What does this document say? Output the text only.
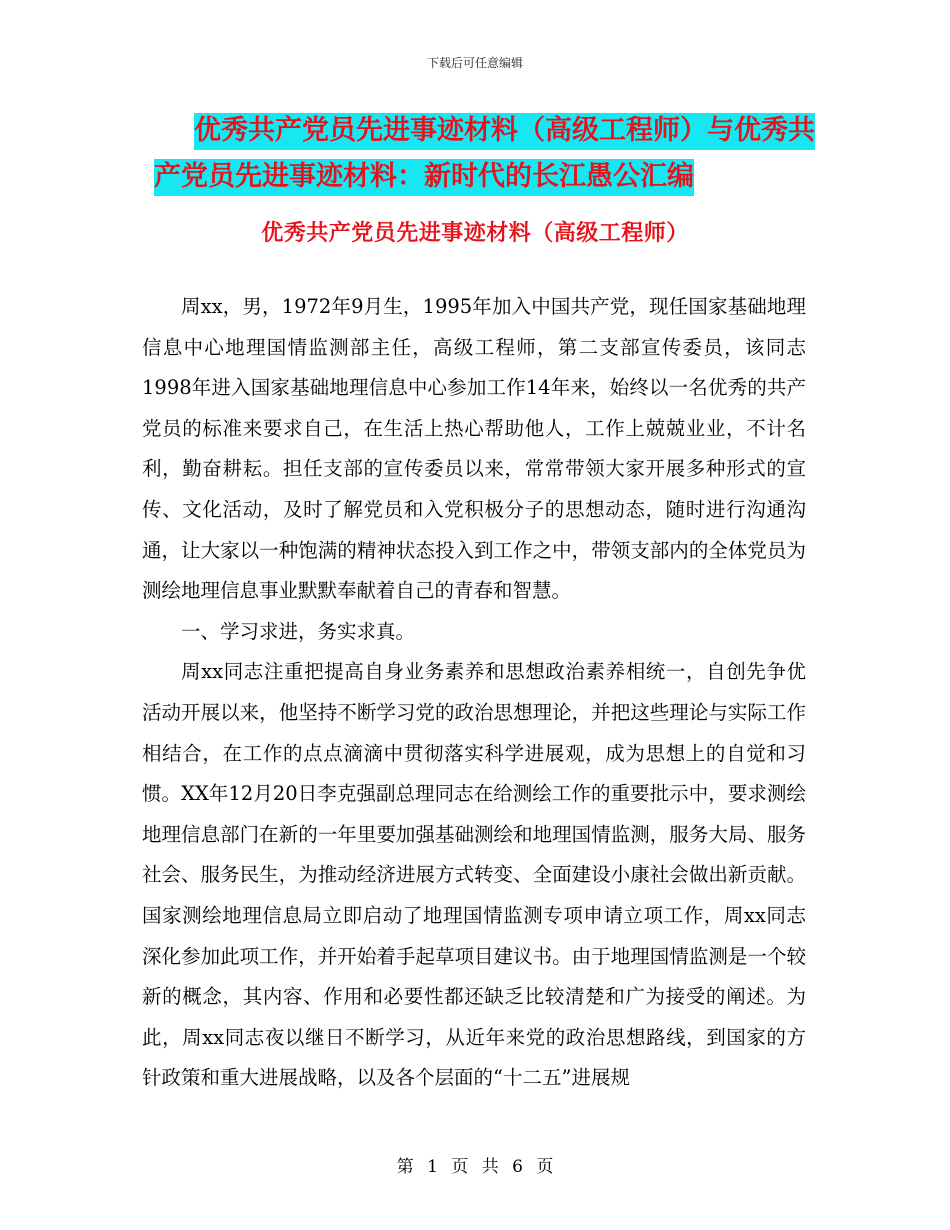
下载后可任意编辑
优秀共产党员先进事迹材料（高级工程师）与优秀共
产党员先进事迹材料：新时代的长江愚公汇编
优秀共产党员先进事迹材料（高级工程师）

周xx，男，1972年9月生，1995年加入中国共产党，现任国家基础地理信息中心地理国情监测部主任，高级工程师，第二支部宣传委员，该同志1998年进入国家基础地理信息中心参加工作14年来，始终以一名优秀的共产党员的标准来要求自己，在生活上热心帮助他人，工作上兢兢业业，不计名利，勤奋耕耘。担任支部的宣传委员以来，常常带领大家开展多种形式的宣传、文化活动，及时了解党员和入党积极分子的思想动态，随时进行沟通沟通，让大家以一种饱满的精神状态投入到工作之中，带领支部内的全体党员为测绘地理信息事业默默奉献着自己的青春和智慧。

一、学习求进，务实求真。

周xx同志注重把提高自身业务素养和思想政治素养相统一，自创先争优活动开展以来，他坚持不断学习党的政治思想理论，并把这些理论与实际工作相结合，在工作的点点滴滴中贯彻落实科学进展观，成为思想上的自觉和习惯。XX年12月20日李克强副总理同志在给测绘工作的重要批示中，要求测绘地理信息部门在新的一年里要加强基础测绘和地理国情监测，服务大局、服务社会、服务民生，为推动经济进展方式转变、全面建设小康社会做出新贡献。国家测绘地理信息局立即启动了地理国情监测专项申请立项工作，周xx同志深化参加此项工作，并开始着手起草项目建议书。由于地理国情监测是一个较新的概念，其内容、作用和必要性都还缺乏比较清楚和广为接受的阐述。为此，周xx同志夜以继日不断学习，从近年来党的政治思想路线，到国家的方针政策和重大进展战略，以及各个层面的“十二五”进展规

第 1 页 共 6 页
